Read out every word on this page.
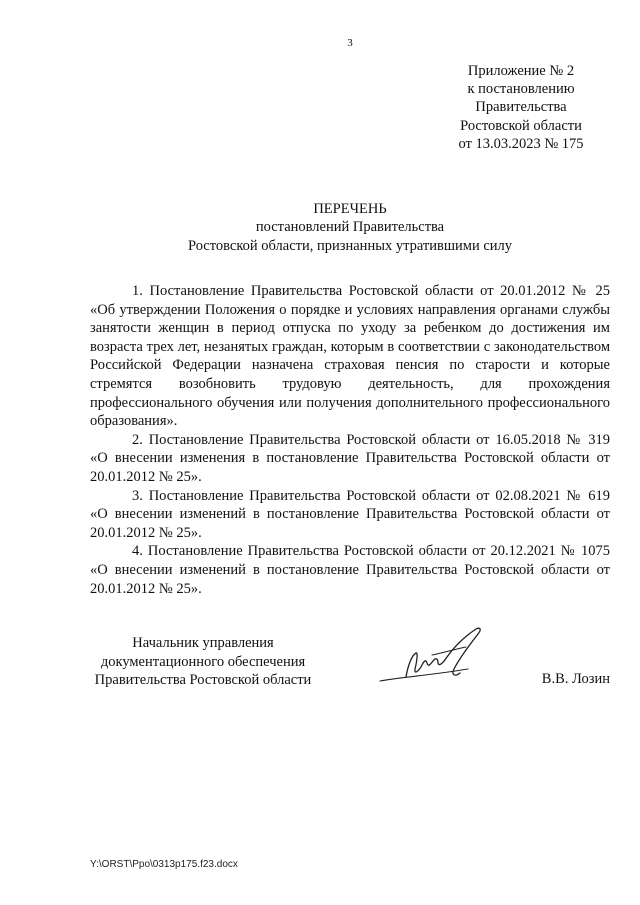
3
Приложение № 2
к постановлению
Правительства
Ростовской области
от 13.03.2023 № 175
ПЕРЕЧЕНЬ
постановлений Правительства
Ростовской области, признанных утратившими силу

1. Постановление Правительства Ростовской области от 20.01.2012 № 25 «Об утверждении Положения о порядке и условиях направления органами службы занятости женщин в период отпуска по уходу за ребенком до достижения им возраста трех лет, незанятых граждан, которым в соответствии с законодательством Российской Федерации назначена страховая пенсия по старости и которые стремятся возобновить трудовую деятельность, для прохождения профессионального обучения или получения дополнительного профессионального образования».

2. Постановление Правительства Ростовской области от 16.05.2018 № 319 «О внесении изменения в постановление Правительства Ростовской области от 20.01.2012 № 25».

3. Постановление Правительства Ростовской области от 02.08.2021 № 619 «О внесении изменений в постановление Правительства Ростовской области от 20.01.2012 № 25».

4. Постановление Правительства Ростовской области от 20.12.2021 № 1075 «О внесении изменений в постановление Правительства Ростовской области от 20.01.2012 № 25».

Начальник управления
документационного обеспечения
Правительства Ростовской области	В.В. Лозин
Y:\ORST\Ppo\0313p175.f23.docx
